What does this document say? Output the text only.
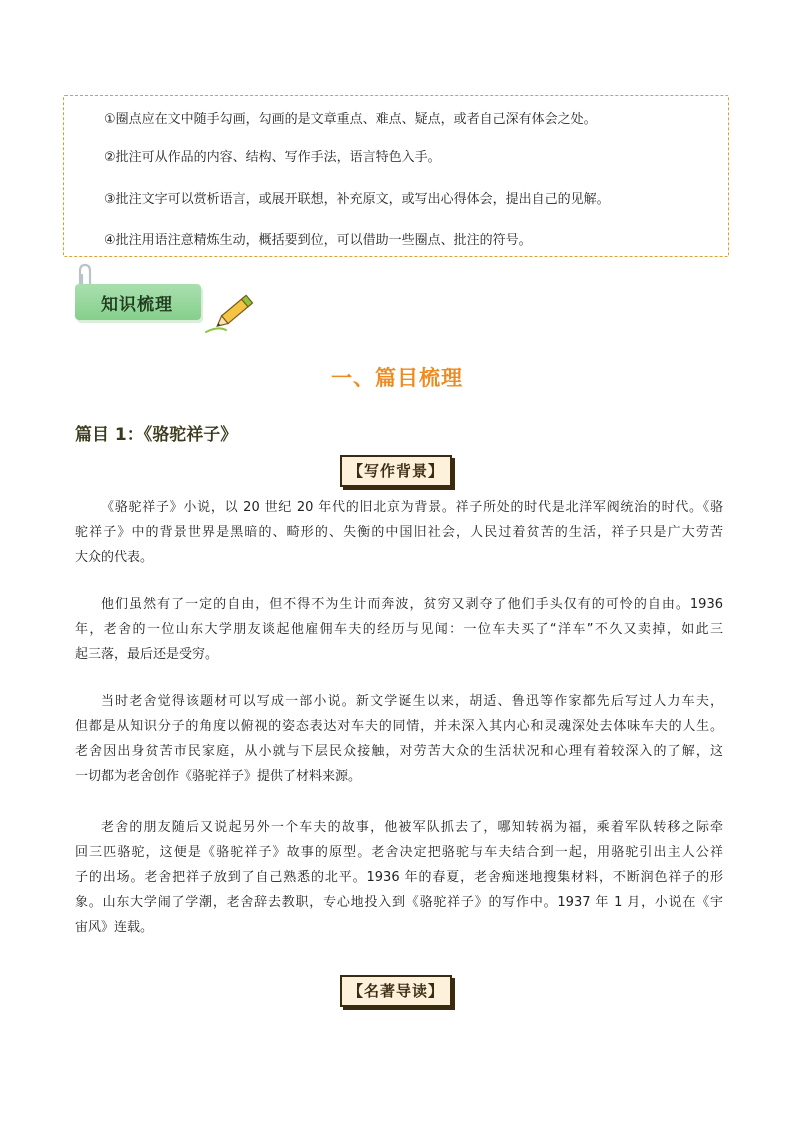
①圈点应在文中随手勾画，勾画的是文章重点、难点、疑点，或者自己深有体会之处。
②批注可从作品的内容、结构、写作手法，语言特色入手。
③批注文字可以赏析语言，或展开联想，补充原文，或写出心得体会，提出自己的见解。
④批注用语注意精炼生动，概括要到位，可以借助一些圈点、批注的符号。
知识梳理
一、篇目梳理
篇目 1：《骆驼祥子》
【写作背景】
《骆驼祥子》小说，以 20 世纪 20 年代的旧北京为背景。祥子所处的时代是北洋军阀统治的时代。《骆
驼祥子》中的背景世界是黑暗的、畸形的、失衡的中国旧社会，人民过着贫苦的生活，祥子只是广大劳苦
大众的代表。
他们虽然有了一定的自由，但不得不为生计而奔波，贫穷又剥夺了他们手头仅有的可怜的自由。1936
年，老舍的一位山东大学朋友谈起他雇佣车夫的经历与见闻：一位车夫买了“洋车”不久又卖掉，如此三
起三落，最后还是受穷。
当时老舍觉得该题材可以写成一部小说。新文学诞生以来，胡适、鲁迅等作家都先后写过人力车夫，
但都是从知识分子的角度以俯视的姿态表达对车夫的同情，并未深入其内心和灵魂深处去体味车夫的人生。
老舍因出身贫苦市民家庭，从小就与下层民众接触，对劳苦大众的生活状况和心理有着较深入的了解，这
一切都为老舍创作《骆驼祥子》提供了材料来源。
老舍的朋友随后又说起另外一个车夫的故事，他被军队抓去了，哪知转祸为福，乘着军队转移之际牵
回三匹骆驼，这便是《骆驼祥子》故事的原型。老舍决定把骆驼与车夫结合到一起，用骆驼引出主人公祥
子的出场。老舍把祥子放到了自己熟悉的北平。1936 年的春夏，老舍痴迷地搜集材料，不断润色祥子的形
象。山东大学闹了学潮，老舍辞去教职，专心地投入到《骆驼祥子》的写作中。1937 年 1 月，小说在《宇
宙风》连载。
【名著导读】
